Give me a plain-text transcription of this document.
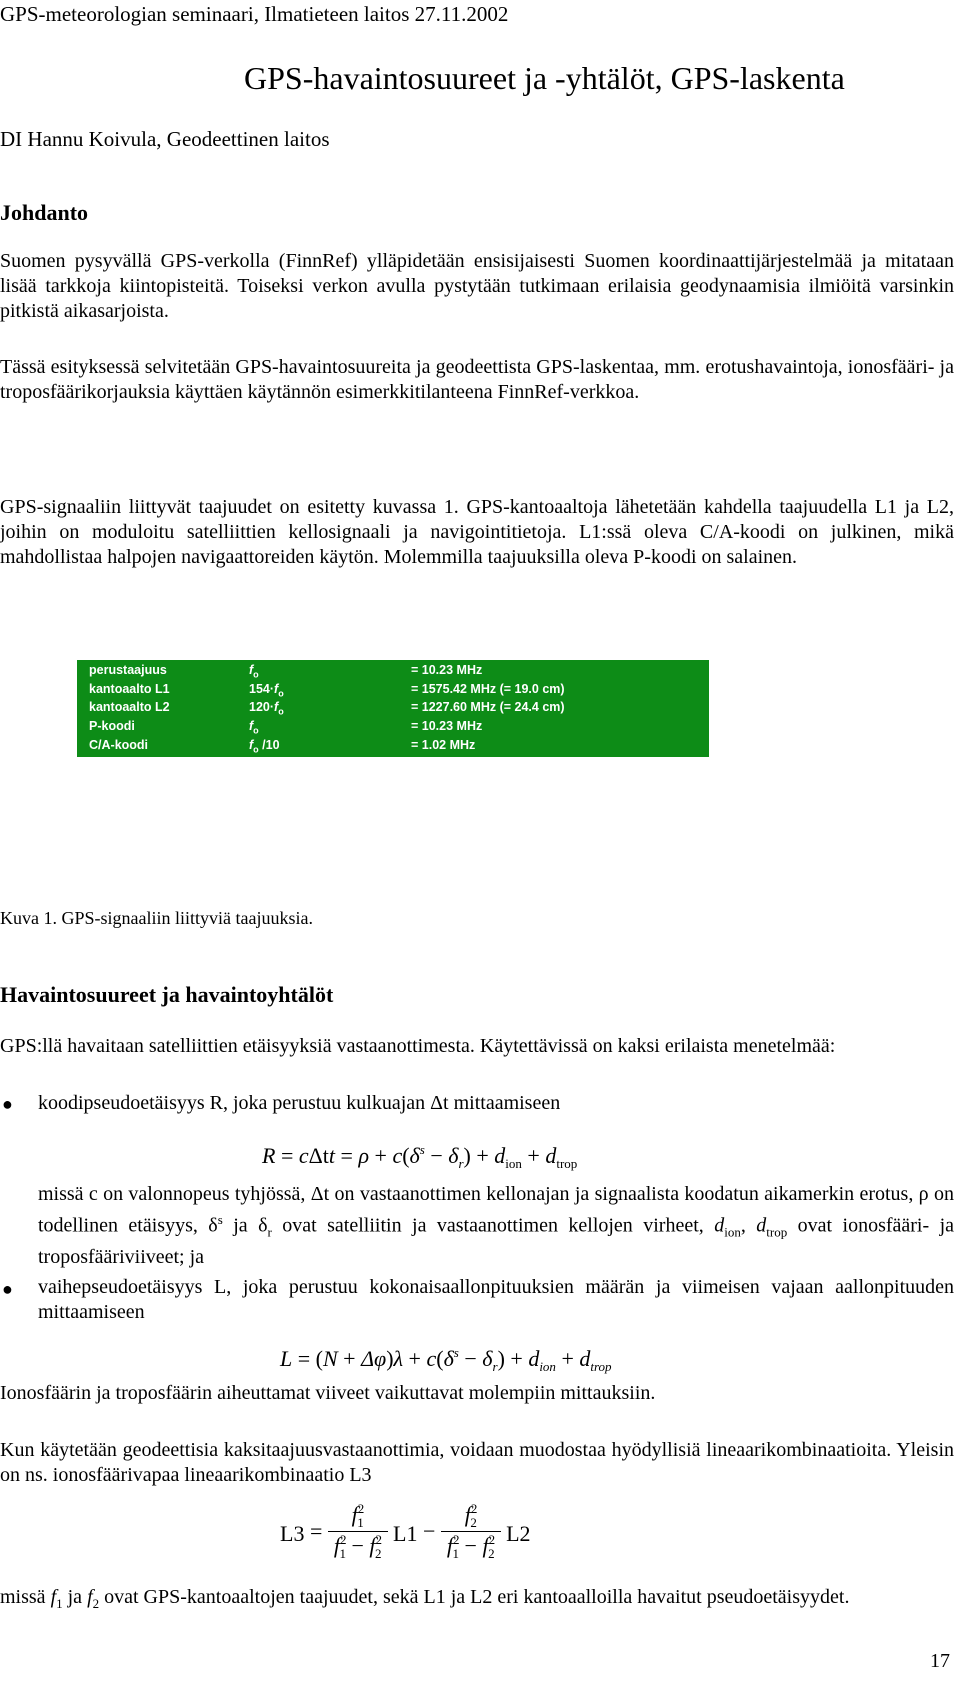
GPS-meteorologian seminaari, Ilmatieteen laitos 27.11.2002
GPS-havaintosuureet ja -yhtälöt, GPS-laskenta
DI Hannu Koivula, Geodeettinen laitos
Johdanto
Suomen pysyvällä GPS-verkolla (FinnRef) ylläpidetään ensisijaisesti Suomen koordinaattijärjestelmää ja mitataan lisää tarkkoja kiintopisteitä. Toiseksi verkon avulla pystytään tutkimaan erilaisia geodynaamisia ilmiöitä varsinkin pitkistä aikasarjoista.
Tässä esityksessä selvitetään GPS-havaintosuureita ja geodeettista GPS-laskentaa, mm. erotushavaintoja, ionosfääri- ja troposfäärikorjauksia käyttäen käytännön esimerkkitilanteena FinnRef-verkkoa.
GPS-signaaliin liittyvät taajuudet on esitetty kuvassa 1. GPS-kantoaaltoja lähetetään kahdella taajuudella L1 ja L2, joihin on moduloitu satelliittien kellosignaali ja navigointitietoja. L1:ssä oleva C/A-koodi on julkinen, mikä mahdollistaa halpojen navigaattoreiden käytön. Molemmilla taajuuksilla oleva P-koodi on salainen.
perustaajuus	$f_o$	= 10.23 MHz
kantoaalto L1	$154\cdot f_o$	= 1575.42 MHz (= 19.0 cm)
kantoaalto L2	$120\cdot f_o$	= 1227.60 MHz (= 24.4 cm)
P-koodi	$f_o$	= 10.23 MHz
C/A-koodi	$f_o$ /10	= 1.02 MHz
navigointiviesti	$f_o$ /204600	= 50.00 Hz
Kuva 1. GPS-signaaliin liittyviä taajuuksia.
Havaintosuureet ja havaintoyhtälöt
GPS:llä havaitaan satelliittien etäisyyksiä vastaanottimesta. Käytettävissä on kaksi erilaista menetelmää:
● koodipseudoetäisyys R, joka perustuu kulkuajan Δt mittaamiseen
$R = c\Delta tt = \rho + c(\delta^s - \delta_r) + d_{ion} + d_{trop}$
missä c on valonnopeus tyhjössä, Δt on vastaanottimen kellonajan ja signaalista koodatun aikamerkin erotus, ρ on todellinen etäisyys, $\delta^s$ ja $\delta_r$ ovat satelliitin ja vastaanottimen kellojen virheet, $d_{ion}$, $d_{trop}$ ovat ionosfääri- ja troposfääriviiveet; ja
● vaihepseudoetäisyys L, joka perustuu kokonaisaallonpituuksien määrän ja viimeisen vajaan aallonpituuden mittaamiseen
$L = (N + \Delta\varphi)\lambda + c(\delta^s - \delta_r) + d_{ion} + d_{trop}$
Ionosfäärin ja troposfäärin aiheuttamat viiveet vaikuttavat molempiin mittauksiin.
Kun käytetään geodeettisia kaksitaajuusvastaanottimia, voidaan muodostaa hyödyllisiä lineaarikombinaatioita. Yleisin on ns. ionosfäärivapaa lineaarikombinaatio L3
$L3 = \frac{f^2_1}{f^2_1 - f^2_2} L1 - \frac{f^2_2}{f^2_1 - f^2_2} L2$
missä $f_1$ ja $f_2$ ovat GPS-kantoaaltojen taajuudet, sekä L1 ja L2 eri kantoaalloilla havaitut pseudoetäisyydet.
17
